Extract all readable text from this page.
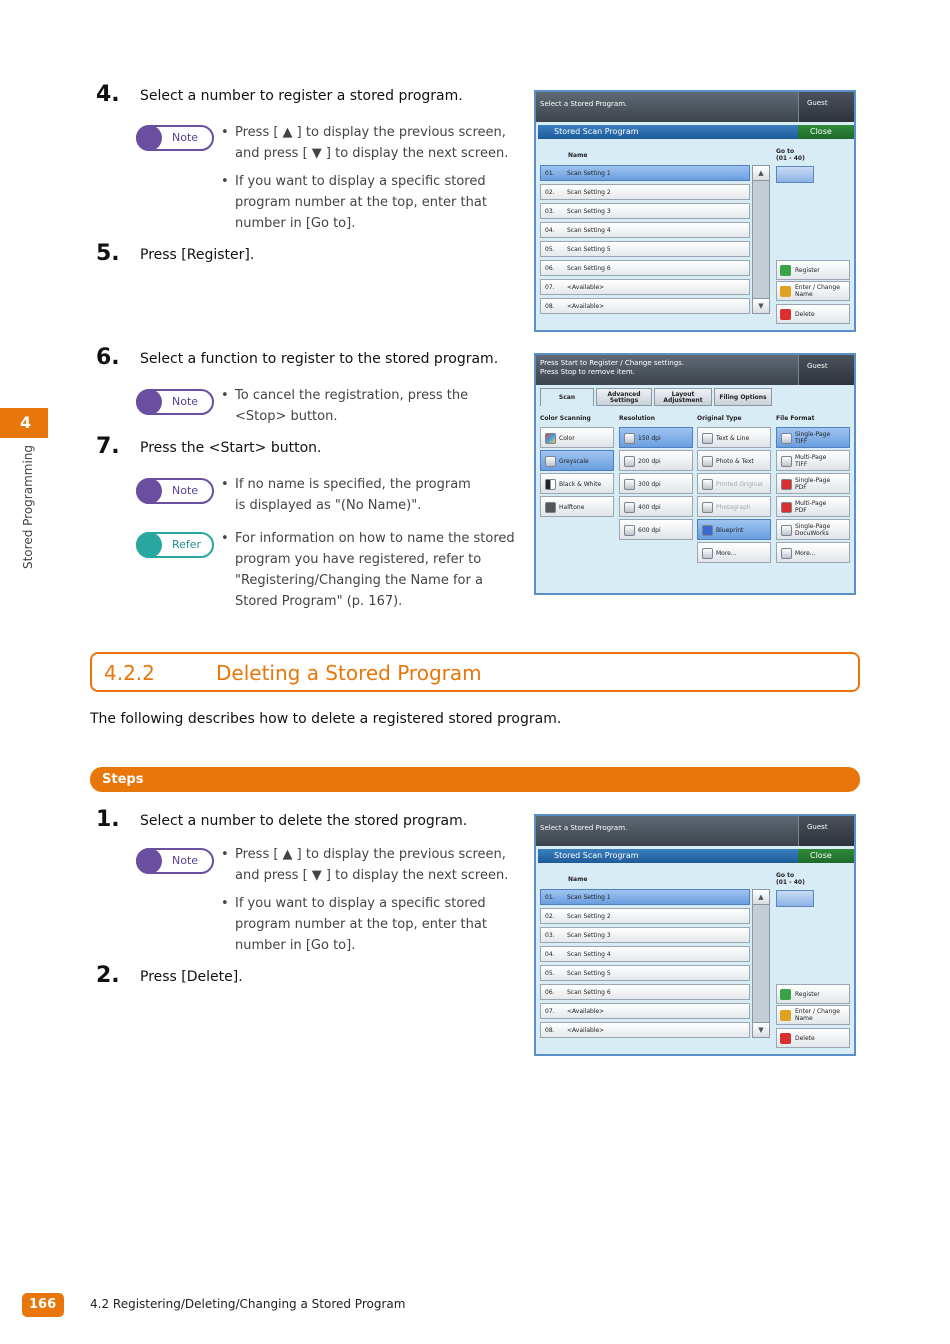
4
Stored Programming
4. Select a number to register a stored program.
Note	• Press [ ▲ ] to display the previous screen, and press [ ▼ ] to display the next screen.
• If you want to display a specific stored program number at the top, enter that number in [Go to].
5. Press [Register].
6. Select a function to register to the stored program.
Note	• To cancel the registration, press the <Stop> button.
7. Press the <Start> button.
Note	• If no name is specified, the program is displayed as "(No Name)".
Refer	• For information on how to name the stored program you have registered, refer to "Registering/Changing the Name for a Stored Program" (p. 167).
Select a Stored Program.	Guest
Stored Scan Program	Close
Name
Go to
(01 - 40)
01. Scan Setting 1
02. Scan Setting 2
03. Scan Setting 3
04. Scan Setting 4
05. Scan Setting 5
06. Scan Setting 6
07. <Available>
08. <Available>
▲
▼
Register
Enter / Change
Name
Delete
Press Start to Register / Change settings.
Press Stop to remove item.
Guest
Scan	Advanced
Settings
Layout
Adjustment	Filing Options
Color Scanning	Resolution	Original Type	File Format
Color
Greyscale
Black & White
Halftone
150 dpi
200 dpi
300 dpi
400 dpi
600 dpi
Text & Line
Photo & Text
Printed Original
Photograph
Blueprint
More...
Single-Page
TIFF
Multi-Page
TIFF
Single-Page
PDF
Multi-Page
PDF
Single-Page
DocuWorks
More...
4.2.2	Deleting a Stored Program
The following describes how to delete a registered stored program.
Steps
1. Select a number to delete the stored program.
Note	• Press [ ▲ ] to display the previous screen, and press [ ▼ ] to display the next screen.
• If you want to display a specific stored program number at the top, enter that number in [Go to].
2. Press [Delete].
Select a Stored Program.	Guest
Stored Scan Program	Close
Name
Go to
(01 - 40)
01. Scan Setting 1
02. Scan Setting 2
03. Scan Setting 3
04. Scan Setting 4
05. Scan Setting 5
06. Scan Setting 6
07. <Available>
08. <Available>
▲
▼
Register
Enter / Change
Name
Delete
166	4.2 Registering/Deleting/Changing a Stored Program
